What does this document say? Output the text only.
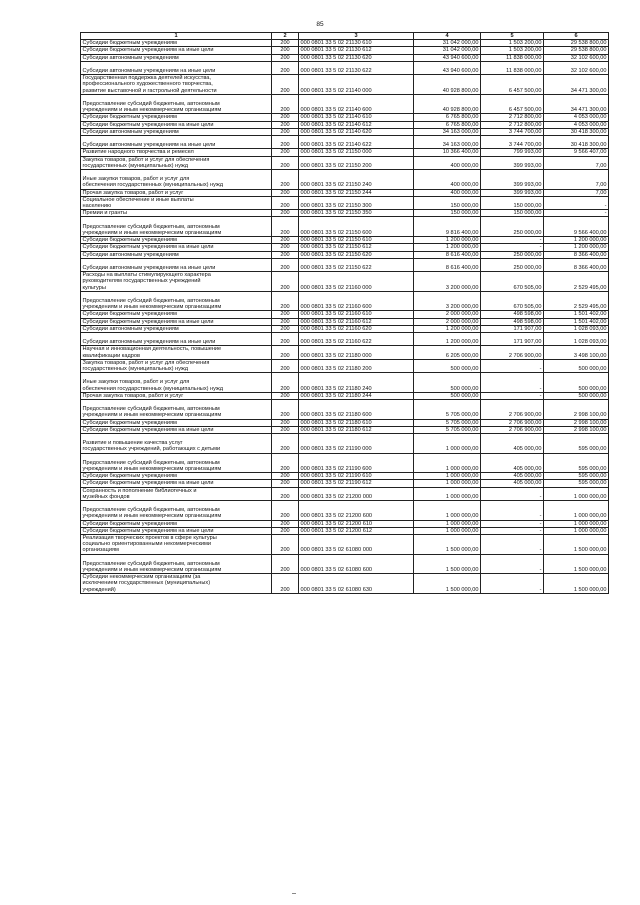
85
1	2	3	4	5	6
Субсидии бюджетным учреждениям	200	000 0801 33 5 02 21130 610	31 042 000,00	1 503 200,00	29 538 800,00
Субсидии бюджетным учреждениям на иные цели	200	000 0801 33 5 02 21130 612	31 042 000,00	1 503 200,00	29 538 800,00
Субсидии автономным учреждениям	200	000 0801 33 5 02 21130 620	43 940 600,00	11 838 000,00	32 102 600,00

Субсидии автономным учреждениям на иные цели	200	000 0801 33 5 02 21130 622	43 940 600,00	11 838 000,00	32 102 600,00
Государственная поддержка деятелей искусства,
профессионального художественного творчества,
развитие выставочной и гастрольной деятельности	200	000 0801 33 5 02 21140 000	40 928 800,00	6 457 500,00	34 471 300,00

Предоставление субсидий бюджетным, автономным
учреждениям и иным некоммерческим организациям	200	000 0801 33 5 02 21140 600	40 928 800,00	6 457 500,00	34 471 300,00
Субсидии бюджетным учреждениям	200	000 0801 33 5 02 21140 610	6 765 800,00	2 712 800,00	4 053 000,00
Субсидии бюджетным учреждениям на иные цели	200	000 0801 33 5 02 21140 612	6 765 800,00	2 712 800,00	4 053 000,00
Субсидии автономным учреждениям	200	000 0801 33 5 02 21140 620	34 163 000,00	3 744 700,00	30 418 300,00

Субсидии автономным учреждениям на иные цели	200	000 0801 33 5 02 21140 622	34 163 000,00	3 744 700,00	30 418 300,00
Развитие народного творчества и ремесел	200	000 0801 33 5 02 21150 000	10 366 400,00	799 993,00	9 566 407,00
Закупка товаров, работ и услуг для обеспечения
государственных (муниципальных) нужд	200	000 0801 33 5 02 21150 200	400 000,00	399 993,00	7,00

Иные закупки товаров, работ и услуг для
обеспечения государственных (муниципальных) нужд	200	000 0801 33 5 02 21150 240	400 000,00	399 993,00	7,00
Прочая закупка товаров, работ и услуг	200	000 0801 33 5 02 21150 244	400 000,00	399 993,00	7,00
Социальное обеспечение и иные выплаты
населению	200	000 0801 33 5 02 21150 300	150 000,00	150 000,00	-
Премии и гранты	200	000 0801 33 5 02 21150 350	150 000,00	150 000,00	-

Предоставление субсидий бюджетным, автономным
учреждениям и иным некоммерческим организациям	200	000 0801 33 5 02 21150 600	9 816 400,00	250 000,00	9 566 400,00
Субсидии бюджетным учреждениям	200	000 0801 33 5 02 21150 610	1 200 000,00	-	1 200 000,00
Субсидии бюджетным учреждениям на иные цели	200	000 0801 33 5 02 21150 612	1 200 000,00	-	1 200 000,00
Субсидии автономным учреждениям	200	000 0801 33 5 02 21150 620	8 616 400,00	250 000,00	8 366 400,00

Субсидии автономным учреждениям на иные цели	200	000 0801 33 5 02 21150 622	8 616 400,00	250 000,00	8 366 400,00
Расходы на выплаты стимулирующего характера
руководителям государственных учреждений
культуры	200	000 0801 33 5 02 21160 000	3 200 000,00	670 505,00	2 529 495,00

Предоставление субсидий бюджетным, автономным
учреждениям и иным некоммерческим организациям	200	000 0801 33 5 02 21160 600	3 200 000,00	670 505,00	2 529 495,00
Субсидии бюджетным учреждениям	200	000 0801 33 5 02 21160 610	2 000 000,00	498 598,00	1 501 402,00
Субсидии бюджетным учреждениям на иные цели	200	000 0801 33 5 02 21160 612	2 000 000,00	498 598,00	1 501 402,00
Субсидии автономным учреждениям	200	000 0801 33 5 02 21160 620	1 200 000,00	171 907,00	1 028 093,00

Субсидии автономным учреждениям на иные цели	200	000 0801 33 5 02 21160 622	1 200 000,00	171 907,00	1 028 093,00
Научная и инновационная деятельность, повышение
квалификации кадров	200	000 0801 33 5 02 21180 000	6 205 000,00	2 706 900,00	3 498 100,00
Закупка товаров, работ и услуг для обеспечения
государственных (муниципальных) нужд	200	000 0801 33 5 02 21180 200	500 000,00	-	500 000,00

Иные закупки товаров, работ и услуг для
обеспечения государственных (муниципальных) нужд	200	000 0801 33 5 02 21180 240	500 000,00	-	500 000,00
Прочая закупка товаров, работ и услуг	200	000 0801 33 5 02 21180 244	500 000,00	-	500 000,00

Предоставление субсидий бюджетным, автономным
учреждениям и иным некоммерческим организациям	200	000 0801 33 5 02 21180 600	5 705 000,00	2 706 900,00	2 998 100,00
Субсидии бюджетным учреждениям	200	000 0801 33 5 02 21180 610	5 705 000,00	2 706 900,00	2 998 100,00
Субсидии бюджетным учреждениям на иные цели	200	000 0801 33 5 02 21180 612	5 705 000,00	2 706 900,00	2 998 100,00

Развитие и повышение качества услуг
государственных учреждений, работающих с детьми	200	000 0801 33 5 02 21190 000	1 000 000,00	405 000,00	595 000,00

Предоставление субсидий бюджетным, автономным
учреждениям и иным некоммерческим организациям	200	000 0801 33 5 02 21190 600	1 000 000,00	405 000,00	595 000,00
Субсидии бюджетным учреждениям	200	000 0801 33 5 02 21190 610	1 000 000,00	405 000,00	595 000,00
Субсидии бюджетным учреждениям на иные цели	200	000 0801 33 5 02 21190 612	1 000 000,00	405 000,00	595 000,00
Сохранность и пополнение библиотечных и
музейных фондов	200	000 0801 33 5 02 21200 000	1 000 000,00	-	1 000 000,00

Предоставление субсидий бюджетным, автономным
учреждениям и иным некоммерческим организациям	200	000 0801 33 5 02 21200 600	1 000 000,00	-	1 000 000,00
Субсидии бюджетным учреждениям	200	000 0801 33 5 02 21200 610	1 000 000,00	-	1 000 000,00
Субсидии бюджетным учреждениям на иные цели	200	000 0801 33 5 02 21200 612	1 000 000,00	-	1 000 000,00
Реализация творческих проектов в сфере культуры
социально ориентированными некоммерческими
организациям	200	000 0801 33 5 02 61080 000	1 500 000,00	-	1 500 000,00

Предоставление субсидий бюджетным, автономным
учреждениям и иным некоммерческим организациям	200	000 0801 33 5 02 61080 600	1 500 000,00	-	1 500 000,00
Субсидии некоммерческим организациям (за
исключением государственных (муниципальных)
учреждений)	200	000 0801 33 5 02 61080 630	1 500 000,00	-	1 500 000,00
